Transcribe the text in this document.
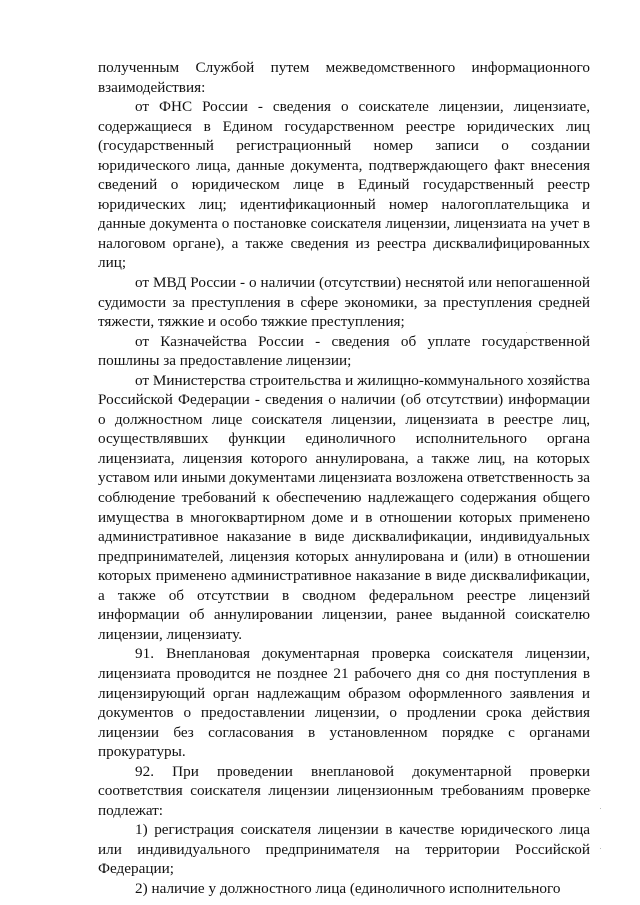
полученным Службой путем межведомственного информационного взаимодействия:

от ФНС России - сведения о соискателе лицензии, лицензиате, содержащиеся в Едином государственном реестре юридических лиц (государственный регистрационный номер записи о создании юридического лица, данные документа, подтверждающего факт внесения сведений о юридическом лице в Единый государственный реестр юридических лиц; идентификационный номер налогоплательщика и данные документа о постановке соискателя лицензии, лицензиата на учет в налоговом органе), а также сведения из реестра дисквалифицированных лиц;

от МВД России - о наличии (отсутствии) неснятой или непогашенной судимости за преступления в сфере экономики, за преступления средней тяжести, тяжкие и особо тяжкие преступления;

от Казначейства России - сведения об уплате государственной пошлины за предоставление лицензии;

от Министерства строительства и жилищно-коммунального хозяйства Российской Федерации - сведения о наличии (об отсутствии) информации о должностном лице соискателя лицензии, лицензиата в реестре лиц, осуществлявших функции единоличного исполнительного органа лицензиата, лицензия которого аннулирована, а также лиц, на которых уставом или иными документами лицензиата возложена ответственность за соблюдение требований к обеспечению надлежащего содержания общего имущества в многоквартирном доме и в отношении которых применено административное наказание в виде дисквалификации, индивидуальных предпринимателей, лицензия которых аннулирована и (или) в отношении которых применено административное наказание в виде дисквалификации, а также об отсутствии в сводном федеральном реестре лицензий информации об аннулировании лицензии, ранее выданной соискателю лицензии, лицензиату.

91. Внеплановая документарная проверка соискателя лицензии, лицензиата проводится не позднее 21 рабочего дня со дня поступления в лицензирующий орган надлежащим образом оформленного заявления и документов о предоставлении лицензии, о продлении срока действия лицензии без согласования в установленном порядке с органами прокуратуры.

92. При проведении внеплановой документарной проверки соответствия соискателя лицензии лицензионным требованиям проверке подлежат:

1) регистрация соискателя лицензии в качестве юридического лица или индивидуального предпринимателя на территории Российской Федерации;

2) наличие у должностного лица (единоличного исполнительного
